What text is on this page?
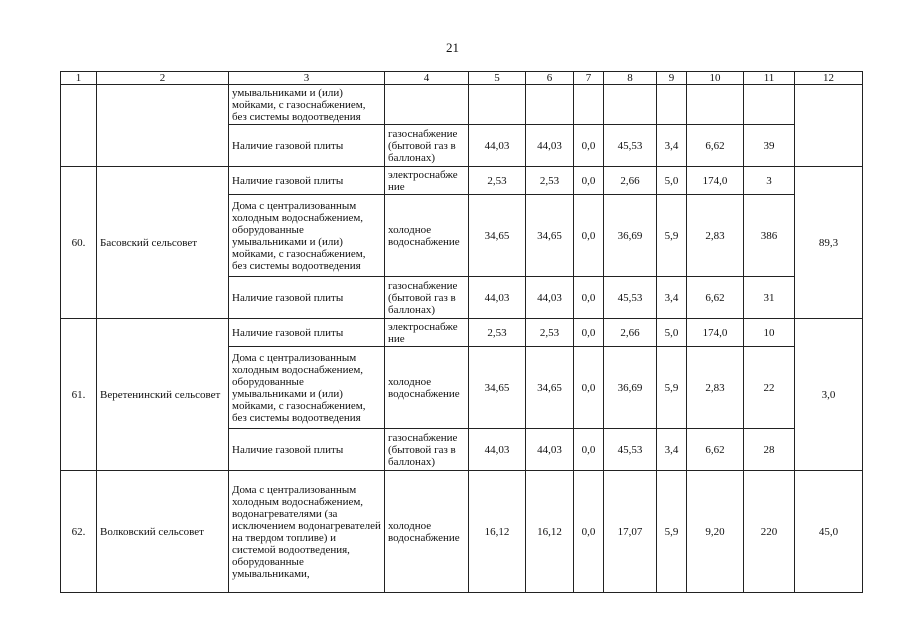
21
1	2	3	4	5	6	7	8	9	10	11	12
		умывальниками и (или) мойками, с газоснабжением, без системы водоотведения									
		Наличие газовой плиты	газоснабжение (бытовой газ в баллонах)	44,03	44,03	0,0	45,53	3,4	6,62	39	
60.	Басовский сельсовет	Наличие газовой плиты	электроснабже ние	2,53	2,53	0,0	2,66	5,0	174,0	3	89,3
		Дома с централизованным холодным водоснабжением, оборудованные умывальниками и (или) мойками, с газоснабжением, без системы водоотведения	холодное водоснабжение	34,65	34,65	0,0	36,69	5,9	2,83	386	
		Наличие газовой плиты	газоснабжение (бытовой газ в баллонах)	44,03	44,03	0,0	45,53	3,4	6,62	31	
61.	Веретенинский сельсовет	Наличие газовой плиты	электроснабже ние	2,53	2,53	0,0	2,66	5,0	174,0	10	3,0
		Дома с централизованным холодным водоснабжением, оборудованные умывальниками и (или) мойками, с газоснабжением, без системы водоотведения	холодное водоснабжение	34,65	34,65	0,0	36,69	5,9	2,83	22	
		Наличие газовой плиты	газоснабжение (бытовой газ в баллонах)	44,03	44,03	0,0	45,53	3,4	6,62	28	
62.	Волковский сельсовет	Дома с централизованным холодным водоснабжением, водонагревателями (за исключением водонагревателей на твердом топливе) и системой водоотведения, оборудованные умывальниками,	холодное водоснабжение	16,12	16,12	0,0	17,07	5,9	9,20	220	45,0
